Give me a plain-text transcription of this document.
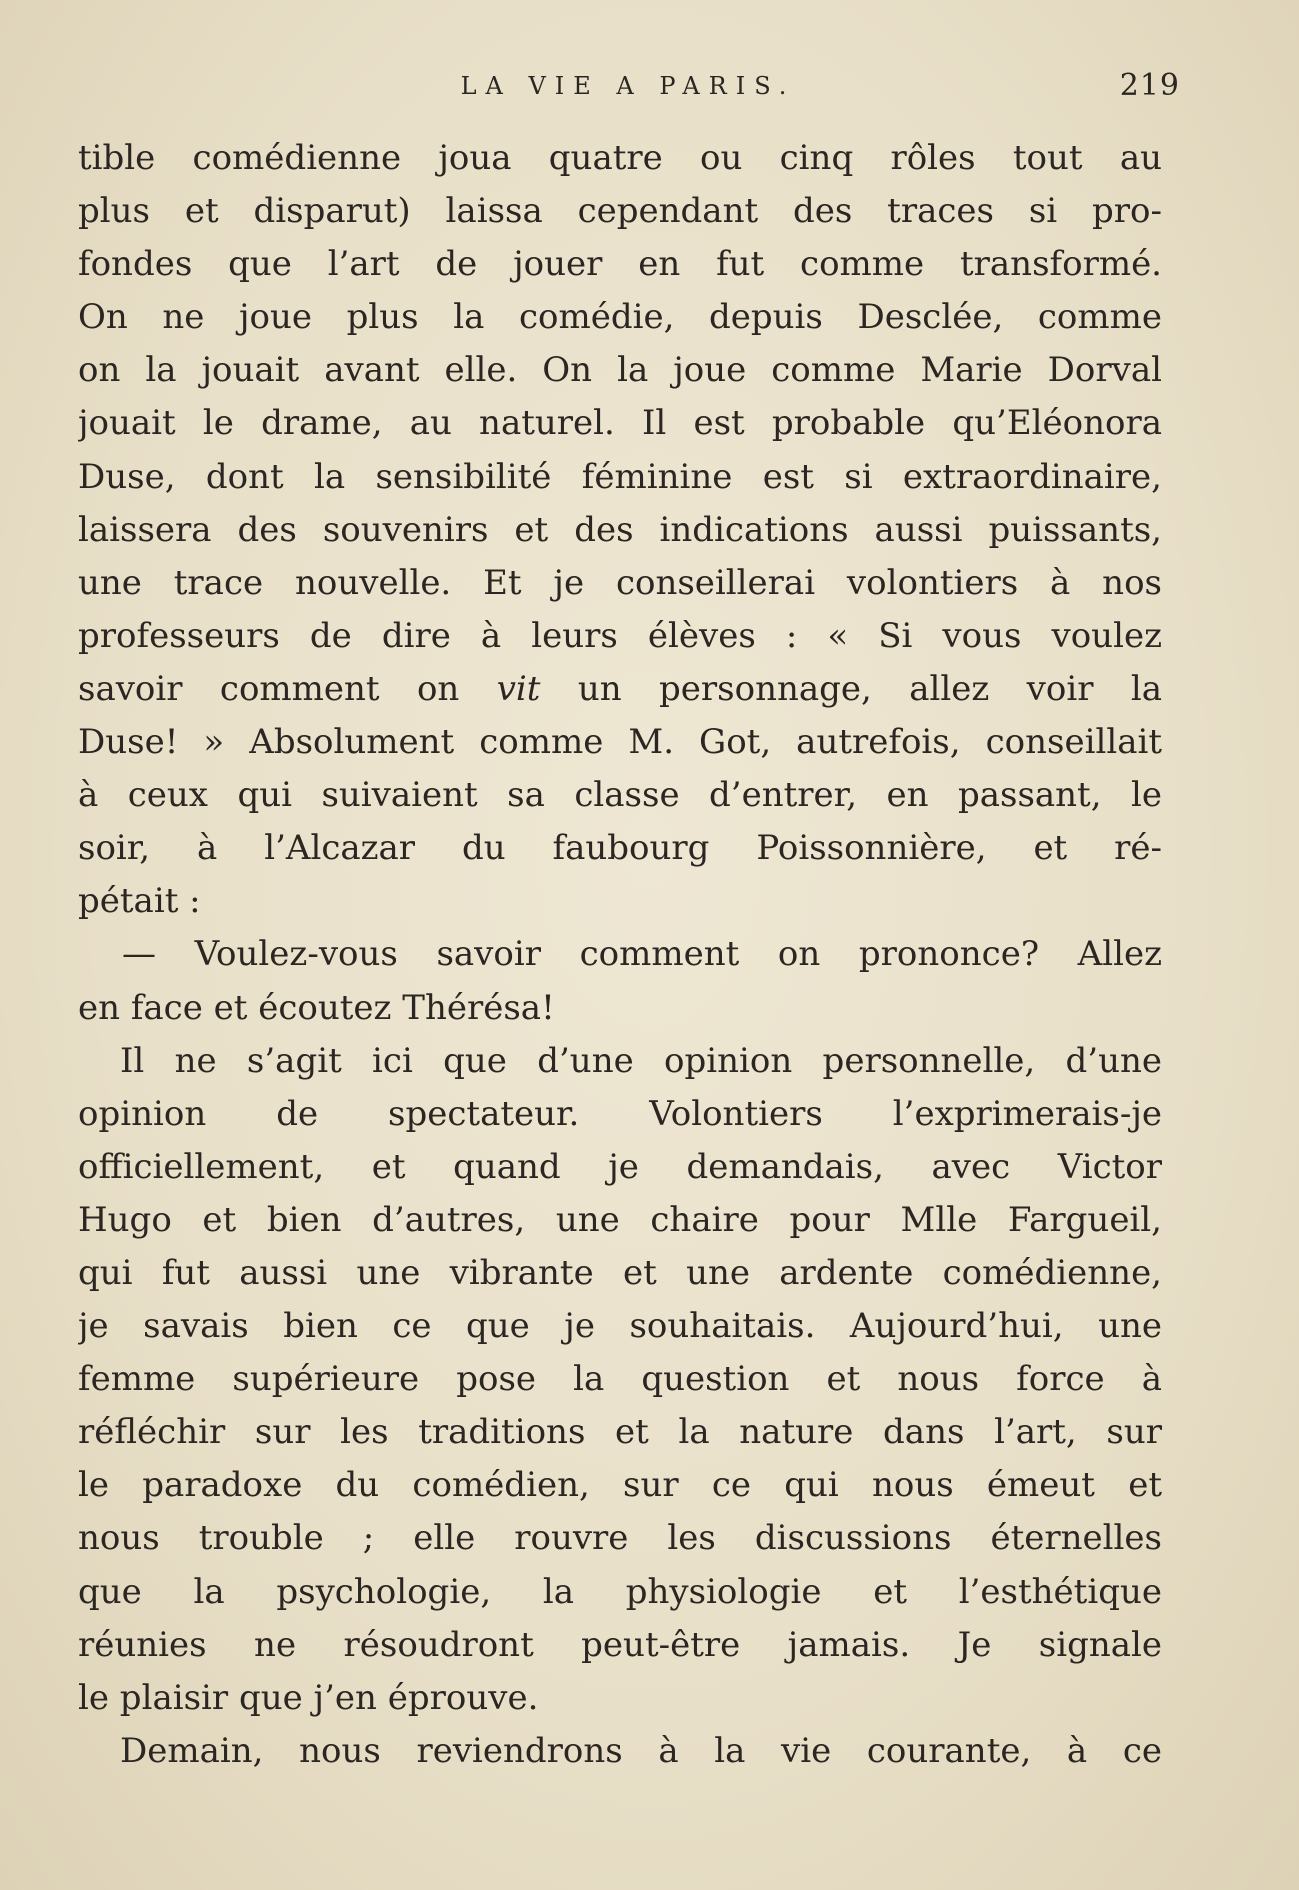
LA VIE A PARIS.	219
tible comédienne joua quatre ou cinq rôles tout au
plus et disparut) laissa cependant des traces si pro-
fondes que l’art de jouer en fut comme transformé.
On ne joue plus la comédie, depuis Desclée, comme
on la jouait avant elle. On la joue comme Marie Dorval
jouait le drame, au naturel. Il est probable qu’Eléonora
Duse, dont la sensibilité féminine est si extraordinaire,
laissera des souvenirs et des indications aussi puissants,
une trace nouvelle. Et je conseillerai volontiers à nos
professeurs de dire à leurs élèves : « Si vous voulez
savoir comment on vit un personnage, allez voir la
Duse! » Absolument comme M. Got, autrefois, conseillait
à ceux qui suivaient sa classe d’entrer, en passant, le
soir, à l’Alcazar du faubourg Poissonnière, et ré-
pétait :
— Voulez-vous savoir comment on prononce? Allez
en face et écoutez Thérésa!
Il ne s’agit ici que d’une opinion personnelle, d’une
opinion de spectateur. Volontiers l’exprimerais-je
officiellement, et quand je demandais, avec Victor
Hugo et bien d’autres, une chaire pour Mlle Fargueil,
qui fut aussi une vibrante et une ardente comédienne,
je savais bien ce que je souhaitais. Aujourd’hui, une
femme supérieure pose la question et nous force à
réfléchir sur les traditions et la nature dans l’art, sur
le paradoxe du comédien, sur ce qui nous émeut et
nous trouble ; elle rouvre les discussions éternelles
que la psychologie, la physiologie et l’esthétique
réunies ne résoudront peut-être jamais. Je signale
le plaisir que j’en éprouve.
Demain, nous reviendrons à la vie courante, à ce
